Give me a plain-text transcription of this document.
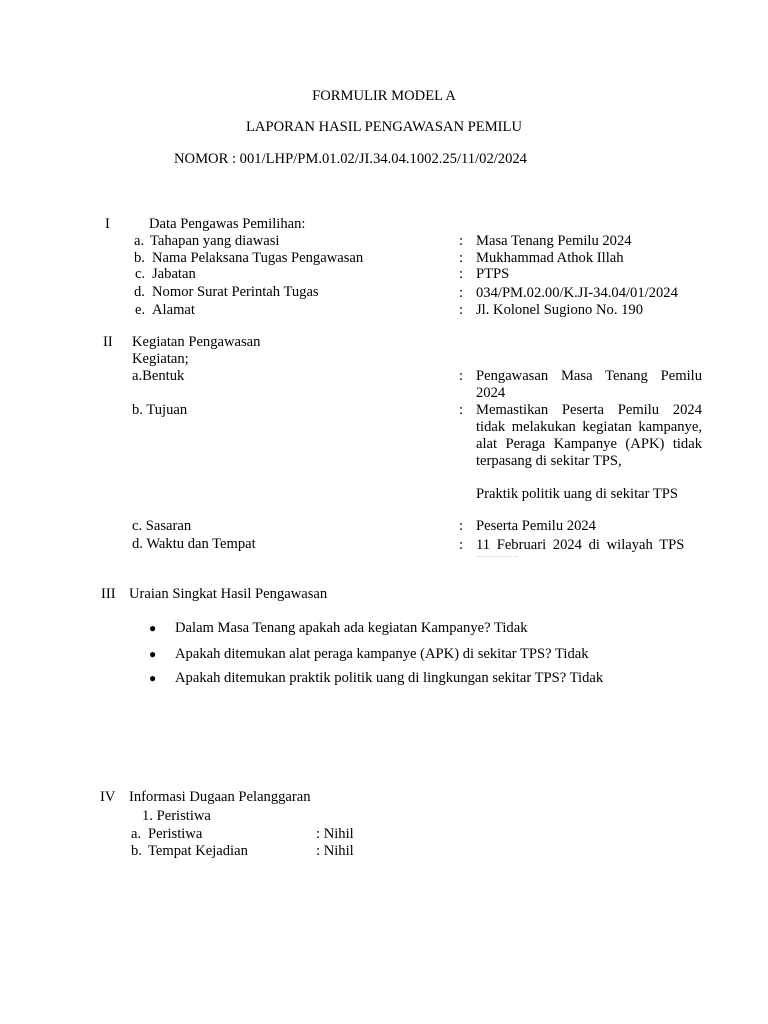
FORMULIR MODEL A
LAPORAN HASIL PENGAWASAN PEMILU
NOMOR : 001/LHP/PM.01.02/JI.34.04.1002.25/11/02/2024
I	Data Pengawas Pemilihan:
a. Tahapan yang diawasi	: Masa Tenang Pemilu 2024
b. Nama Pelaksana Tugas Pengawasan	: Mukhammad Athok Illah
c. Jabatan	: PTPS
d. Nomor Surat Perintah Tugas	: 034/PM.02.00/K.JI-34.04/01/2024
e. Alamat	: Jl. Kolonel Sugiono No. 190
II Kegiatan Pengawasan
Kegiatan;
a.Bentuk	: Pengawasan Masa Tenang Pemilu 2024
b. Tujuan	: Memastikan Peserta Pemilu 2024 tidak melakukan kegiatan kampanye, alat Peraga Kampanye (APK) tidak terpasang di sekitar TPS,
Praktik politik uang di sekitar TPS
c. Sasaran	: Peserta Pemilu 2024
d. Waktu dan Tempat	: 11 Februari 2024 di wilayah TPS
III Uraian Singkat Hasil Pengawasan
● Dalam Masa Tenang apakah ada kegiatan Kampanye? Tidak
● Apakah ditemukan alat peraga kampanye (APK) di sekitar TPS? Tidak
● Apakah ditemukan praktik politik uang di lingkungan sekitar TPS? Tidak
IV Informasi Dugaan Pelanggaran
1. Peristiwa
a. Peristiwa	: Nihil
b. Tempat Kejadian	: Nihil
